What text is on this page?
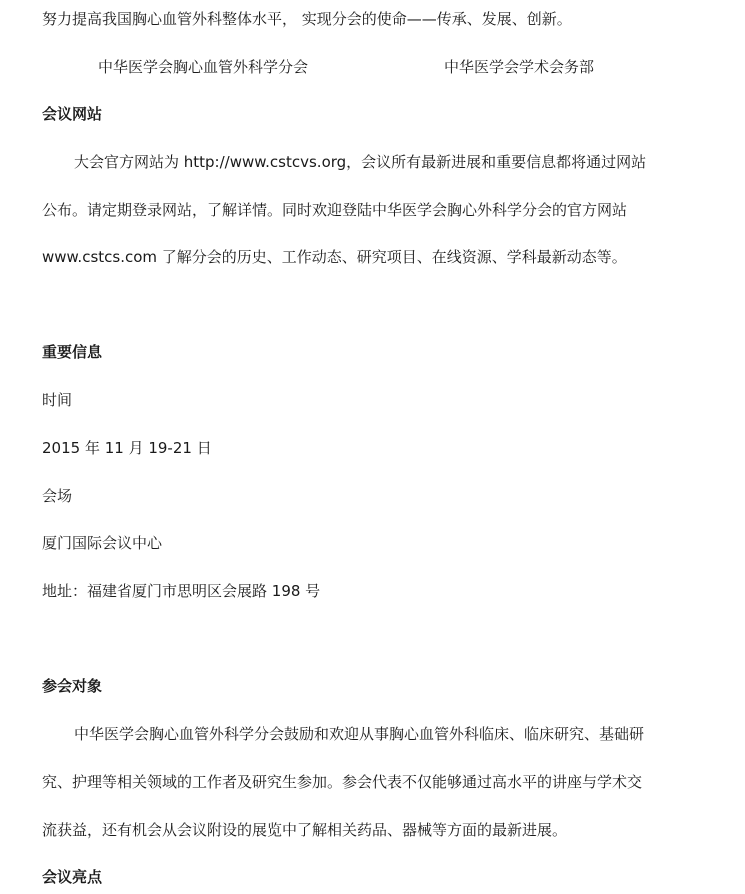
努力提高我国胸心血管外科整体水平， 实现分会的使命——传承、发展、创新。
中华医学会胸心血管外科学分会	中华医学会学术会务部
会议网站
大会官方网站为 http://www.cstcvs.org，会议所有最新进展和重要信息都将通过网站
公布。请定期登录网站，了解详情。同时欢迎登陆中华医学会胸心外科学分会的官方网站
www.cstcs.com 了解分会的历史、工作动态、研究项目、在线资源、学科最新动态等。
重要信息
时间
2015 年 11 月 19-21 日
会场
厦门国际会议中心
地址：福建省厦门市思明区会展路 198 号
参会对象
中华医学会胸心血管外科学分会鼓励和欢迎从事胸心血管外科临床、临床研究、基础研
究、护理等相关领域的工作者及研究生参加。参会代表不仅能够通过高水平的讲座与学术交
流获益，还有机会从会议附设的展览中了解相关药品、器械等方面的最新进展。
会议亮点
